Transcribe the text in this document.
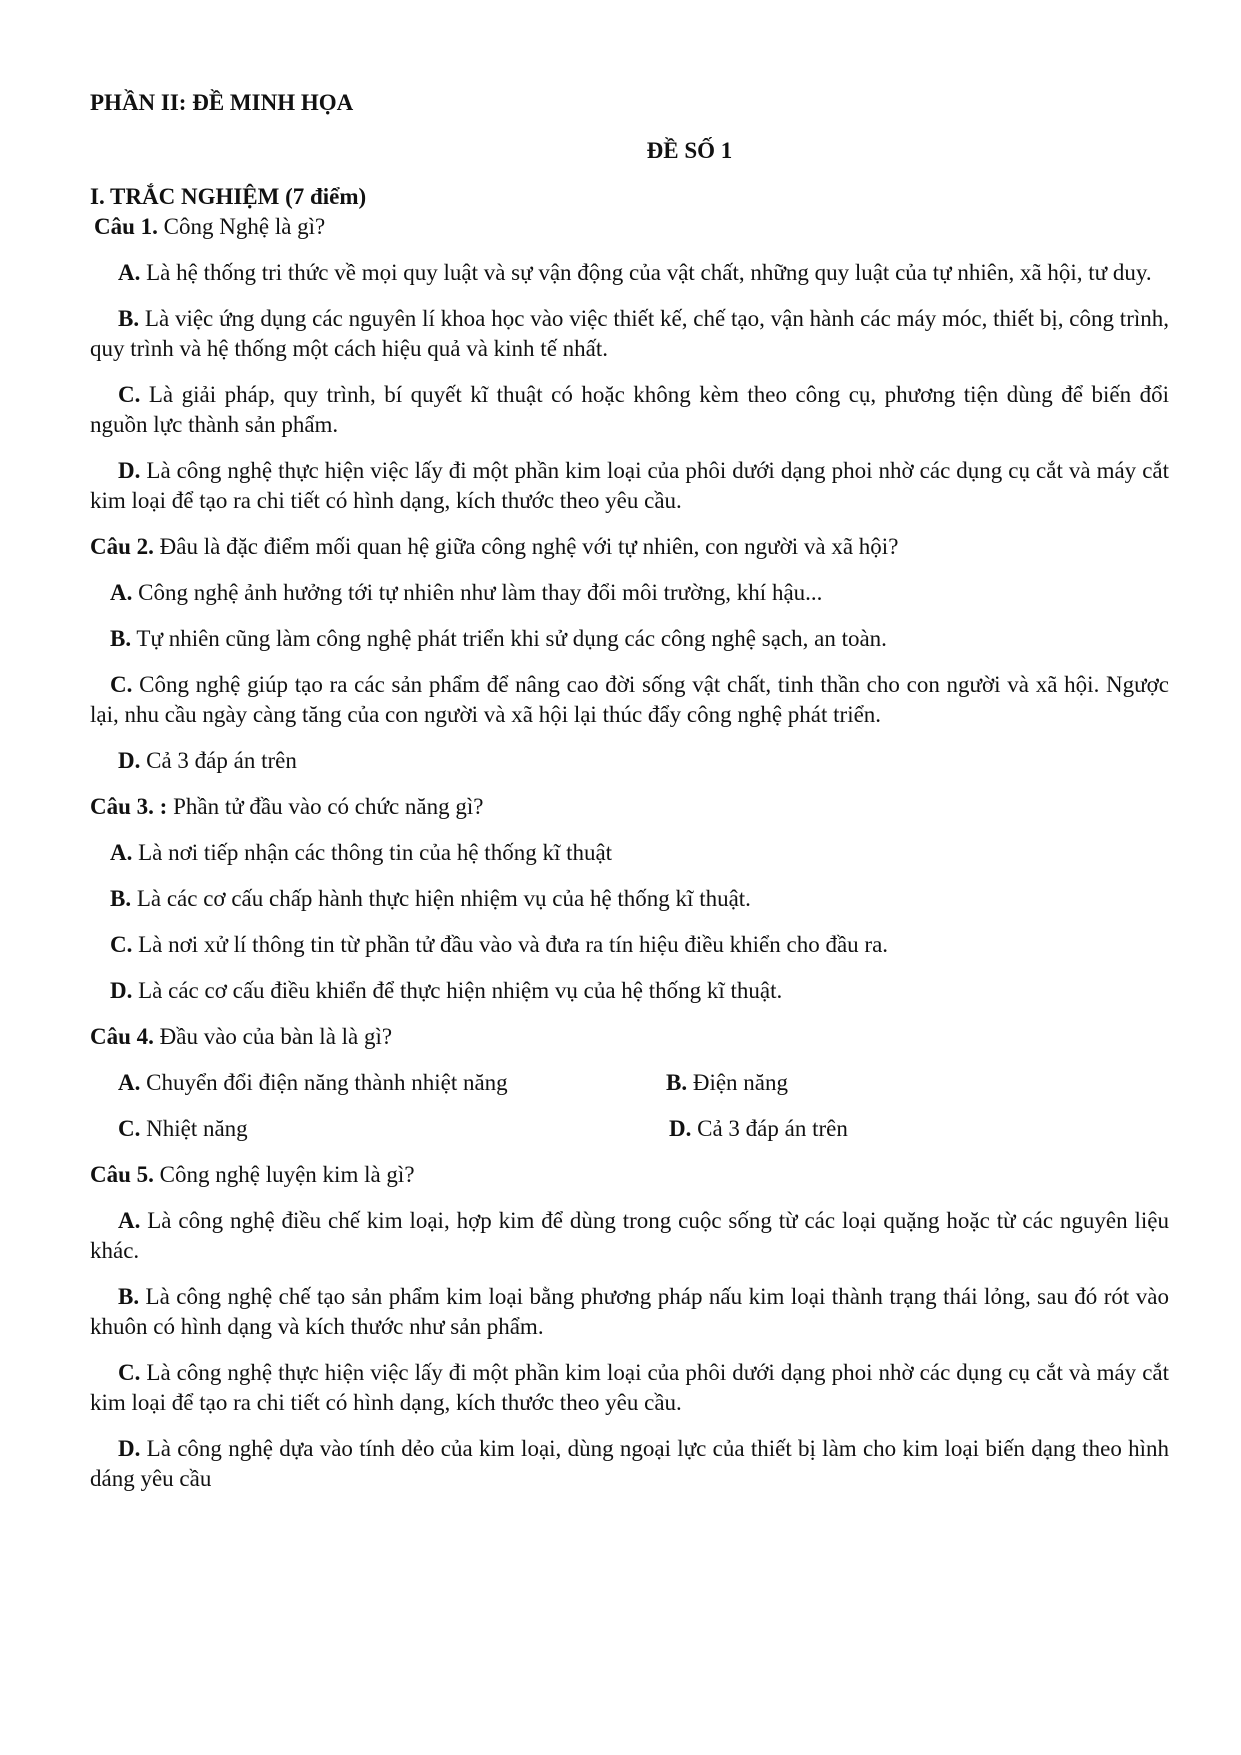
PHẦN II: ĐỀ MINH HỌA

ĐỀ SỐ 1

I. TRẮC NGHIỆM (7 điểm)

Câu 1. Công Nghệ là gì?

A. Là hệ thống tri thức về mọi quy luật và sự vận động của vật chất, những quy luật của tự nhiên, xã hội, tư duy.

B. Là việc ứng dụng các nguyên lí khoa học vào việc thiết kế, chế tạo, vận hành các máy móc, thiết bị, công trình, quy trình và hệ thống một cách hiệu quả và kinh tế nhất.

C. Là giải pháp, quy trình, bí quyết kĩ thuật có hoặc không kèm theo công cụ, phương tiện dùng để biến đổi nguồn lực thành sản phẩm.

D. Là công nghệ thực hiện việc lấy đi một phần kim loại của phôi dưới dạng phoi nhờ các dụng cụ cắt và máy cắt kim loại để tạo ra chi tiết có hình dạng, kích thước theo yêu cầu.

Câu 2. Đâu là đặc điểm mối quan hệ giữa công nghệ với tự nhiên, con người và xã hội?

A. Công nghệ ảnh hưởng tới tự nhiên như làm thay đổi môi trường, khí hậu...

B. Tự nhiên cũng làm công nghệ phát triển khi sử dụng các công nghệ sạch, an toàn.

C. Công nghệ giúp tạo ra các sản phẩm để nâng cao đời sống vật chất, tinh thần cho con người và xã hội. Ngược lại, nhu cầu ngày càng tăng của con người và xã hội lại thúc đẩy công nghệ phát triển.

D. Cả 3 đáp án trên

Câu 3. : Phần tử đầu vào có chức năng gì?

A. Là nơi tiếp nhận các thông tin của hệ thống kĩ thuật

B. Là các cơ cấu chấp hành thực hiện nhiệm vụ của hệ thống kĩ thuật.

C. Là nơi xử lí thông tin từ phần tử đầu vào và đưa ra tín hiệu điều khiển cho đầu ra.

D. Là các cơ cấu điều khiển để thực hiện nhiệm vụ của hệ thống kĩ thuật.

Câu 4. Đầu vào của bàn là là gì?

A. Chuyển đổi điện năng thành nhiệt năng	B. Điện năng
C. Nhiệt năng	D. Cả 3 đáp án trên

Câu 5. Công nghệ luyện kim là gì?

A. Là công nghệ điều chế kim loại, hợp kim để dùng trong cuộc sống từ các loại quặng hoặc từ các nguyên liệu khác.

B. Là công nghệ chế tạo sản phẩm kim loại bằng phương pháp nấu kim loại thành trạng thái lỏng, sau đó rót vào khuôn có hình dạng và kích thước như sản phẩm.

C. Là công nghệ thực hiện việc lấy đi một phần kim loại của phôi dưới dạng phoi nhờ các dụng cụ cắt và máy cắt kim loại để tạo ra chi tiết có hình dạng, kích thước theo yêu cầu.

D. Là công nghệ dựa vào tính dẻo của kim loại, dùng ngoại lực của thiết bị làm cho kim loại biến dạng theo hình dáng yêu cầu
